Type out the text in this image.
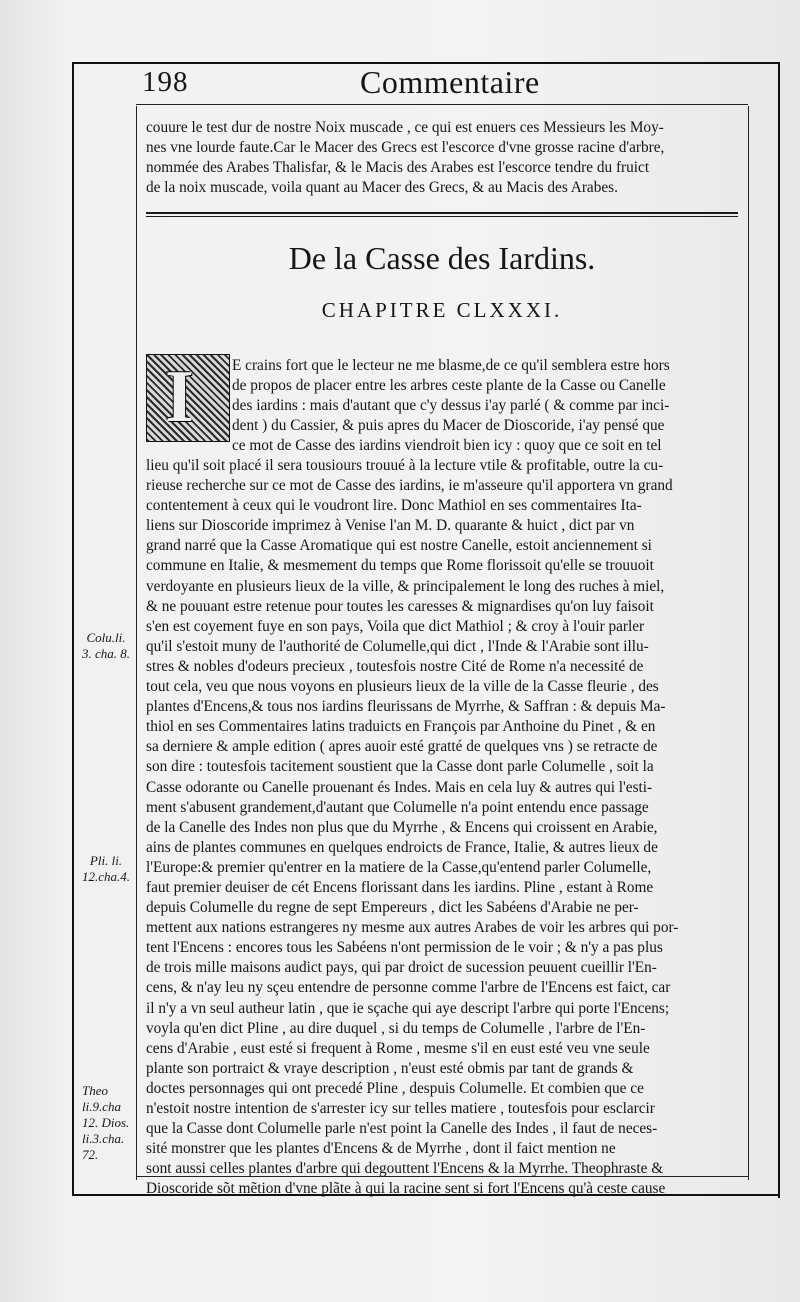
198	Commentaire

couure le test dur de nostre Noix muscade , ce qui est enuers ces Messieurs les Moy-

nes vne lourde faute.Car le Macer des Grecs est l'escorce d'vne grosse racine d'arbre,

nommée des Arabes Thalisfar, & le Macis des Arabes est l'escorce tendre du fruict

de la noix muscade, voila quant au Macer des Grecs, & au Macis des Arabes.

De la Casse des Iardins.
CHAPITRE CLXXXI.
I E crains fort que le lecteur ne me blasme,de ce qu'il semblera estre hors

de propos de placer entre les arbres ceste plante de la Casse ou Canelle

des iardins : mais d'autant que c'y dessus i'ay parlé ( & comme par inci-

dent ) du Cassier, & puis apres du Macer de Dioscoride, i'ay pensé que

ce mot de Casse des iardins viendroit bien icy : quoy que ce soit en tel

lieu qu'il soit placé il sera tousiours trouué à la lecture vtile & profitable, outre la cu-

rieuse recherche sur ce mot de Casse des iardins, ie m'asseure qu'il apportera vn grand

contentement à ceux qui le voudront lire. Donc Mathiol en ses commentaires Ita-

liens sur Dioscoride imprimez à Venise l'an M. D. quarante & huict , dict par vn

grand narré que la Casse Aromatique qui est nostre Canelle, estoit anciennement si

commune en Italie, & mesmement du temps que Rome florissoit qu'elle se trouuoit

verdoyante en plusieurs lieux de la ville, & principalement le long des ruches à miel,

& ne pouuant estre retenue pour toutes les caresses & mignardises qu'on luy faisoit

s'en est coyement fuye en son pays, Voila que dict Mathiol ; & croy à l'ouir parler

qu'il s'estoit muny de l'authorité de Columelle,qui dict , l'Inde & l'Arabie sont illu-

stres & nobles d'odeurs precieux , toutesfois nostre Cité de Rome n'a necessité de

tout cela, veu que nous voyons en plusieurs lieux de la ville de la Casse fleurie , des

plantes d'Encens,& tous nos iardins fleurissans de Myrrhe, & Saffran : & depuis Ma-

thiol en ses Commentaires latins traduicts en François par Anthoine du Pinet , & en

sa derniere & ample edition ( apres auoir esté gratté de quelques vns ) se retracte de

son dire : toutesfois tacitement soustient que la Casse dont parle Columelle , soit la

Casse odorante ou Canelle prouenant és Indes. Mais en cela luy & autres qui l'esti-

ment s'abusent grandement,d'autant que Columelle n'a point entendu ence passage

de la Canelle des Indes non plus que du Myrrhe , & Encens qui croissent en Arabie,

ains de plantes communes en quelques endroicts de France, Italie, & autres lieux de

l'Europe:& premier qu'entrer en la matiere de la Casse,qu'entend parler Columelle,

faut premier deuiser de cét Encens florissant dans les iardins. Pline , estant à Rome

depuis Columelle du regne de sept Empereurs , dict les Sabéens d'Arabie ne per-

mettent aux nations estrangeres ny mesme aux autres Arabes de voir les arbres qui por-

tent l'Encens : encores tous les Sabéens n'ont permission de le voir ; & n'y a pas plus

de trois mille maisons audict pays, qui par droict de sucession peuuent cueillir l'En-

cens, & n'ay leu ny sçeu entendre de personne comme l'arbre de l'Encens est faict, car

il n'y a vn seul autheur latin , que ie sçache qui aye descript l'arbre qui porte l'Encens;

voyla qu'en dict Pline , au dire duquel , si du temps de Columelle , l'arbre de l'En-

cens d'Arabie , eust esté si frequent à Rome , mesme s'il en eust esté veu vne seule

plante son portraict & vraye description , n'eust esté obmis par tant de grands &

doctes personnages qui ont precedé Pline , despuis Columelle. Et combien que ce

n'estoit nostre intention de s'arrester icy sur telles matiere , toutesfois pour esclarcir

que la Casse dont Columelle parle n'est point la Canelle des Indes , il faut de neces-

sité monstrer que les plantes d'Encens & de Myrrhe , dont il faict mention ne

sont aussi celles plantes d'arbre qui degouttent l'Encens & la Myrrhe. Theophraste &

Dioscoride sõt mẽtion d'vne plãte à qui la racine sent si fort l'Encens qu'à ceste cause

Colu.li.
3. cha. 8.
Pli. li.
12.cha.4.
Theo
li.9.cha
12. Dios.
li.3.cha.
72.
